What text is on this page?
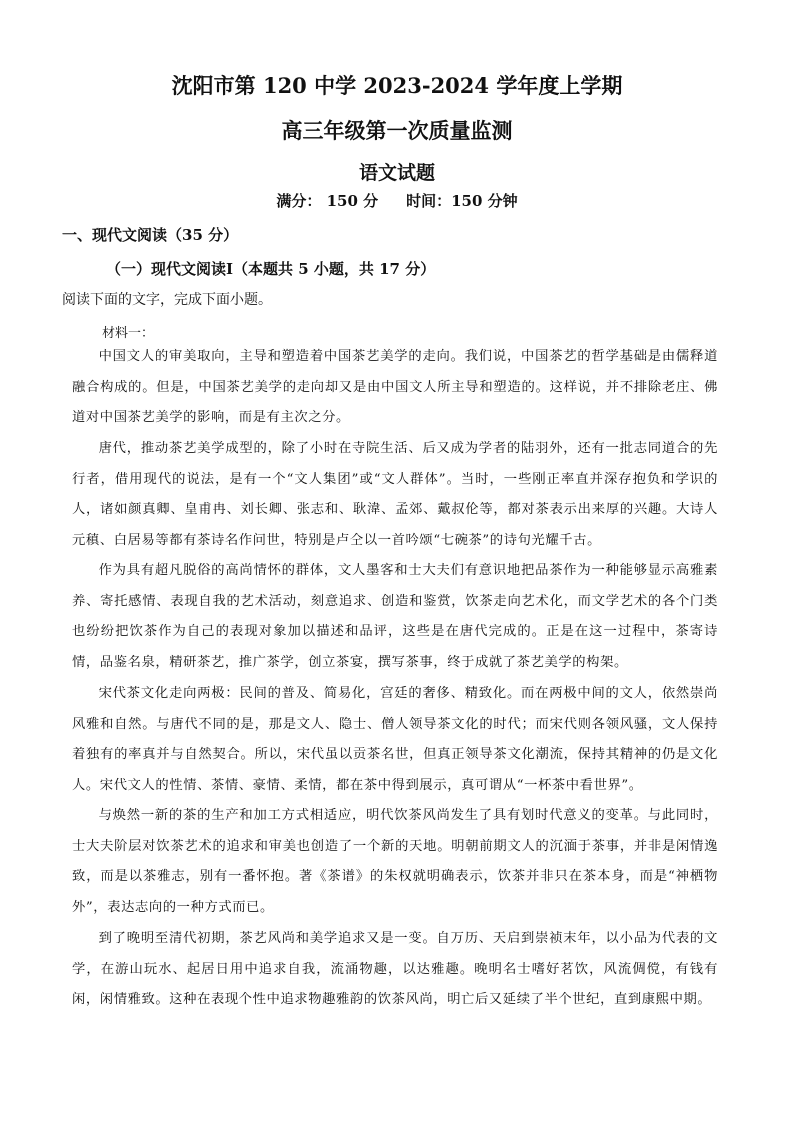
沈阳市第 120 中学 2023-2024 学年度上学期
高三年级第一次质量监测
语文试题
满分： 150 分 时间：150 分钟
一、现代文阅读（35 分）
（一）现代文阅读Ⅰ（本题共 5 小题，共 17 分）
阅读下面的文字，完成下面小题。
材料一：
中国文人的审美取向，主导和塑造着中国茶艺美学的走向。我们说，中国茶艺的哲学基础是由儒释道融合构成的。但是，中国茶艺美学的走向却又是由中国文人所主导和塑造的。这样说，并不排除老庄、佛道对中国茶艺美学的影响，而是有主次之分。
唐代，推动茶艺美学成型的，除了小时在寺院生活、后又成为学者的陆羽外，还有一批志同道合的先行者，借用现代的说法，是有一个“文人集团”或“文人群体”。当时，一些刚正率直并深存抱负和学识的人，诸如颜真卿、皇甫冉、刘长卿、张志和、耿湋、孟郊、戴叔伦等，都对茶表示出来厚的兴趣。大诗人元稹、白居易等都有茶诗名作问世，特别是卢仝以一首吟颂“七碗茶”的诗句光耀千古。
作为具有超凡脱俗的高尚情怀的群体，文人墨客和士大夫们有意识地把品茶作为一种能够显示高雅素养、寄托感情、表现自我的艺术活动，刻意追求、创造和鉴赏，饮茶走向艺术化，而文学艺术的各个门类也纷纷把饮茶作为自己的表现对象加以描述和品评，这些是在唐代完成的。正是在这一过程中，茶寄诗情，品鉴名泉，精研茶艺，推广茶学，创立茶宴，撰写茶事，终于成就了茶艺美学的构架。
宋代茶文化走向两极：民间的普及、简易化，宫廷的奢侈、精致化。而在两极中间的文人，依然崇尚风雅和自然。与唐代不同的是，那是文人、隐士、僧人领导茶文化的时代；而宋代则各领风骚，文人保持着独有的率真并与自然契合。所以，宋代虽以贡茶名世，但真正领导茶文化潮流，保持其精神的仍是文化人。宋代文人的性情、茶情、豪情、柔情，都在茶中得到展示，真可谓从“一杯茶中看世界”。
与焕然一新的茶的生产和加工方式相适应，明代饮茶风尚发生了具有划时代意义的变革。与此同时，士大夫阶层对饮茶艺术的追求和审美也创造了一个新的天地。明朝前期文人的沉湎于茶事，并非是闲情逸致，而是以茶雅志，别有一番怀抱。著《茶谱》的朱权就明确表示，饮茶并非只在茶本身，而是“神栖物外”，表达志向的一种方式而已。
到了晚明至清代初期，茶艺风尚和美学追求又是一变。自万历、天启到崇祯末年，以小品为代表的文学，在游山玩水、起居日用中追求自我，流涌物趣，以达雅趣。晚明名士嗜好茗饮，风流倜傥，有钱有闲，闲情雅致。这种在表现个性中追求物趣雅韵的饮茶风尚，明亡后又延续了半个世纪，直到康熙中期。
